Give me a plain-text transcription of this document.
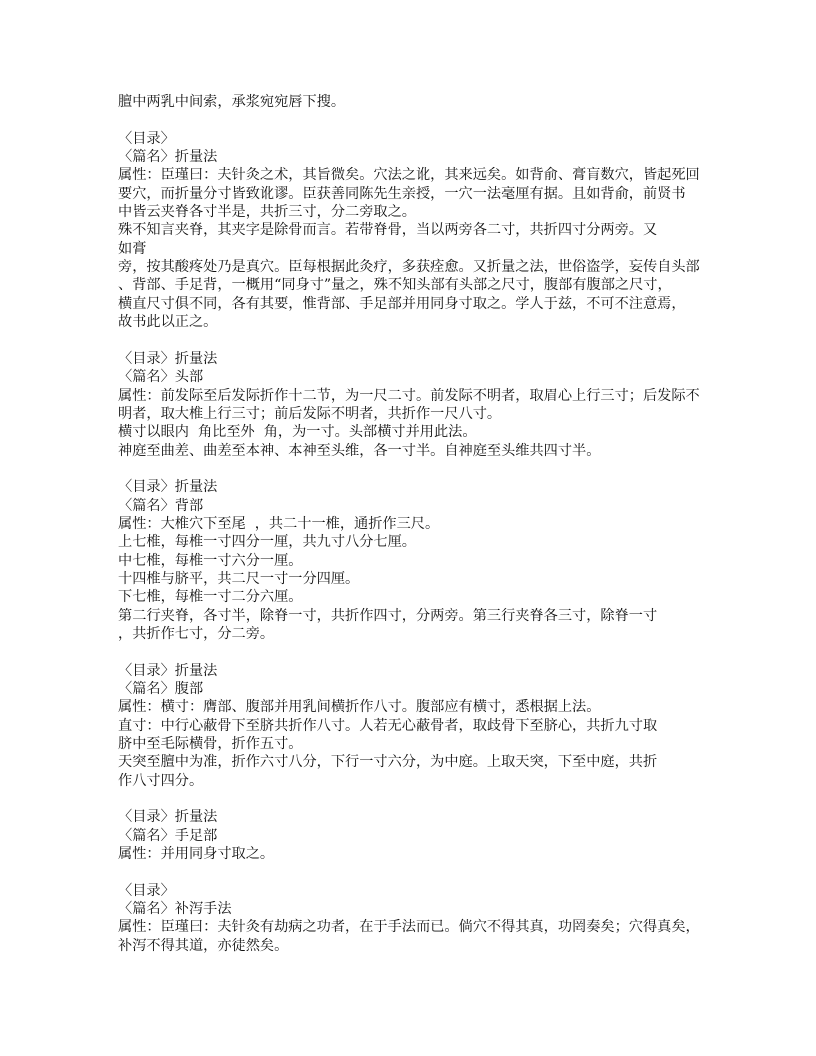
膻中两乳中间索，承浆宛宛唇下搜。
〈目录〉
〈篇名〉折量法
属性：臣瑾曰：夫针灸之术，其旨微矣。穴法之讹，其来远矣。如背俞、膏肓数穴，皆起死回
要穴，而折量分寸皆致讹谬。臣获善同陈先生亲授，一穴一法毫厘有据。且如背俞，前贤书
中皆云夹脊各寸半是，共折三寸，分二旁取之。
殊不知言夹脊，其夹字是除骨而言。若带脊骨，当以两旁各二寸，共折四寸分两旁。又
如膏
旁，按其酸疼处乃是真穴。臣每根据此灸疗，多获痊愈。又折量之法，世俗盗学，妄传自头部
、背部、手足背，一概用“同身寸”量之，殊不知头部有头部之尺寸，腹部有腹部之尺寸，
横直尺寸俱不同，各有其要，惟背部、手足部并用同身寸取之。学人于兹，不可不注意焉，
故书此以正之。
〈目录〉折量法
〈篇名〉头部
属性：前发际至后发际折作十二节，为一尺二寸。前发际不明者，取眉心上行三寸；后发际不
明者，取大椎上行三寸；前后发际不明者，共折作一尺八寸。
横寸以眼内  角比至外  角，为一寸。头部横寸并用此法。
神庭至曲差、曲差至本神、本神至头维，各一寸半。自神庭至头维共四寸半。
〈目录〉折量法
〈篇名〉背部
属性：大椎穴下至尾  ，共二十一椎，通折作三尺。
上七椎，每椎一寸四分一厘，共九寸八分七厘。
中七椎，每椎一寸六分一厘。
十四椎与脐平，共二尺一寸一分四厘。
下七椎，每椎一寸二分六厘。
第二行夹脊，各寸半，除脊一寸，共折作四寸，分两旁。第三行夹脊各三寸，除脊一寸
，共折作七寸，分二旁。
〈目录〉折量法
〈篇名〉腹部
属性：横寸：膺部、腹部并用乳间横折作八寸。腹部应有横寸，悉根据上法。
直寸：中行心蔽骨下至脐共折作八寸。人若无心蔽骨者，取歧骨下至脐心，共折九寸取
脐中至毛际横骨，折作五寸。
天突至膻中为准，折作六寸八分，下行一寸六分，为中庭。上取天突，下至中庭，共折
作八寸四分。
〈目录〉折量法
〈篇名〉手足部
属性：并用同身寸取之。
〈目录〉
〈篇名〉补泻手法
属性：臣瑾曰：夫针灸有劫病之功者，在于手法而已。倘穴不得其真，功罔奏矣；穴得真矣，
补泻不得其道，亦徒然矣。
